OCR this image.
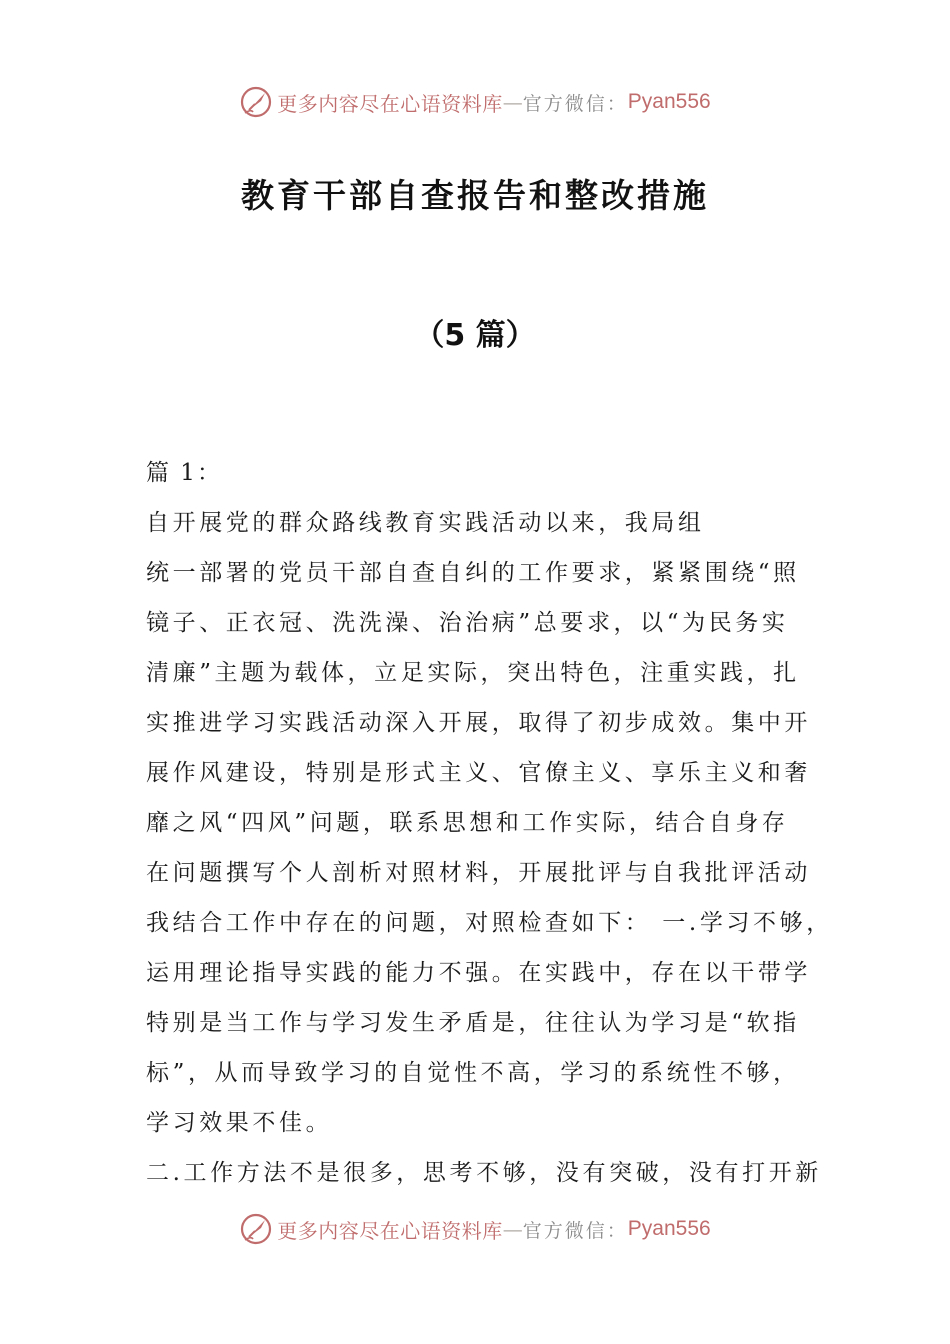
更多内容尽在心语资料库 — 官方微信： Pyan556
教育干部自查报告和整改措施
（5 篇）
篇 1：
自开展党的群众路线教育实践活动以来，我局组
统一部署的党员干部自查自纠的工作要求，紧紧围绕“照
镜子、正衣冠、洗洗澡、治治病”总要求，以“为民务实
清廉”主题为载体，立足实际，突出特色，注重实践，扎
实推进学习实践活动深入开展，取得了初步成效。集中开
展作风建设，特别是形式主义、官僚主义、享乐主义和奢
靡之风“四风”问题，联系思想和工作实际，结合自身存
在问题撰写个人剖析对照材料，开展批评与自我批评活动
我结合工作中存在的问题，对照检查如下： 一.学习不够，
运用理论指导实践的能力不强。在实践中，存在以干带学
特别是当工作与学习发生矛盾是，往往认为学习是“软指
标”，从而导致学习的自觉性不高，学习的系统性不够，
学习效果不佳。
二.工作方法不是很多，思考不够，没有突破，没有打开新
更多内容尽在心语资料库 — 官方微信： Pyan556
